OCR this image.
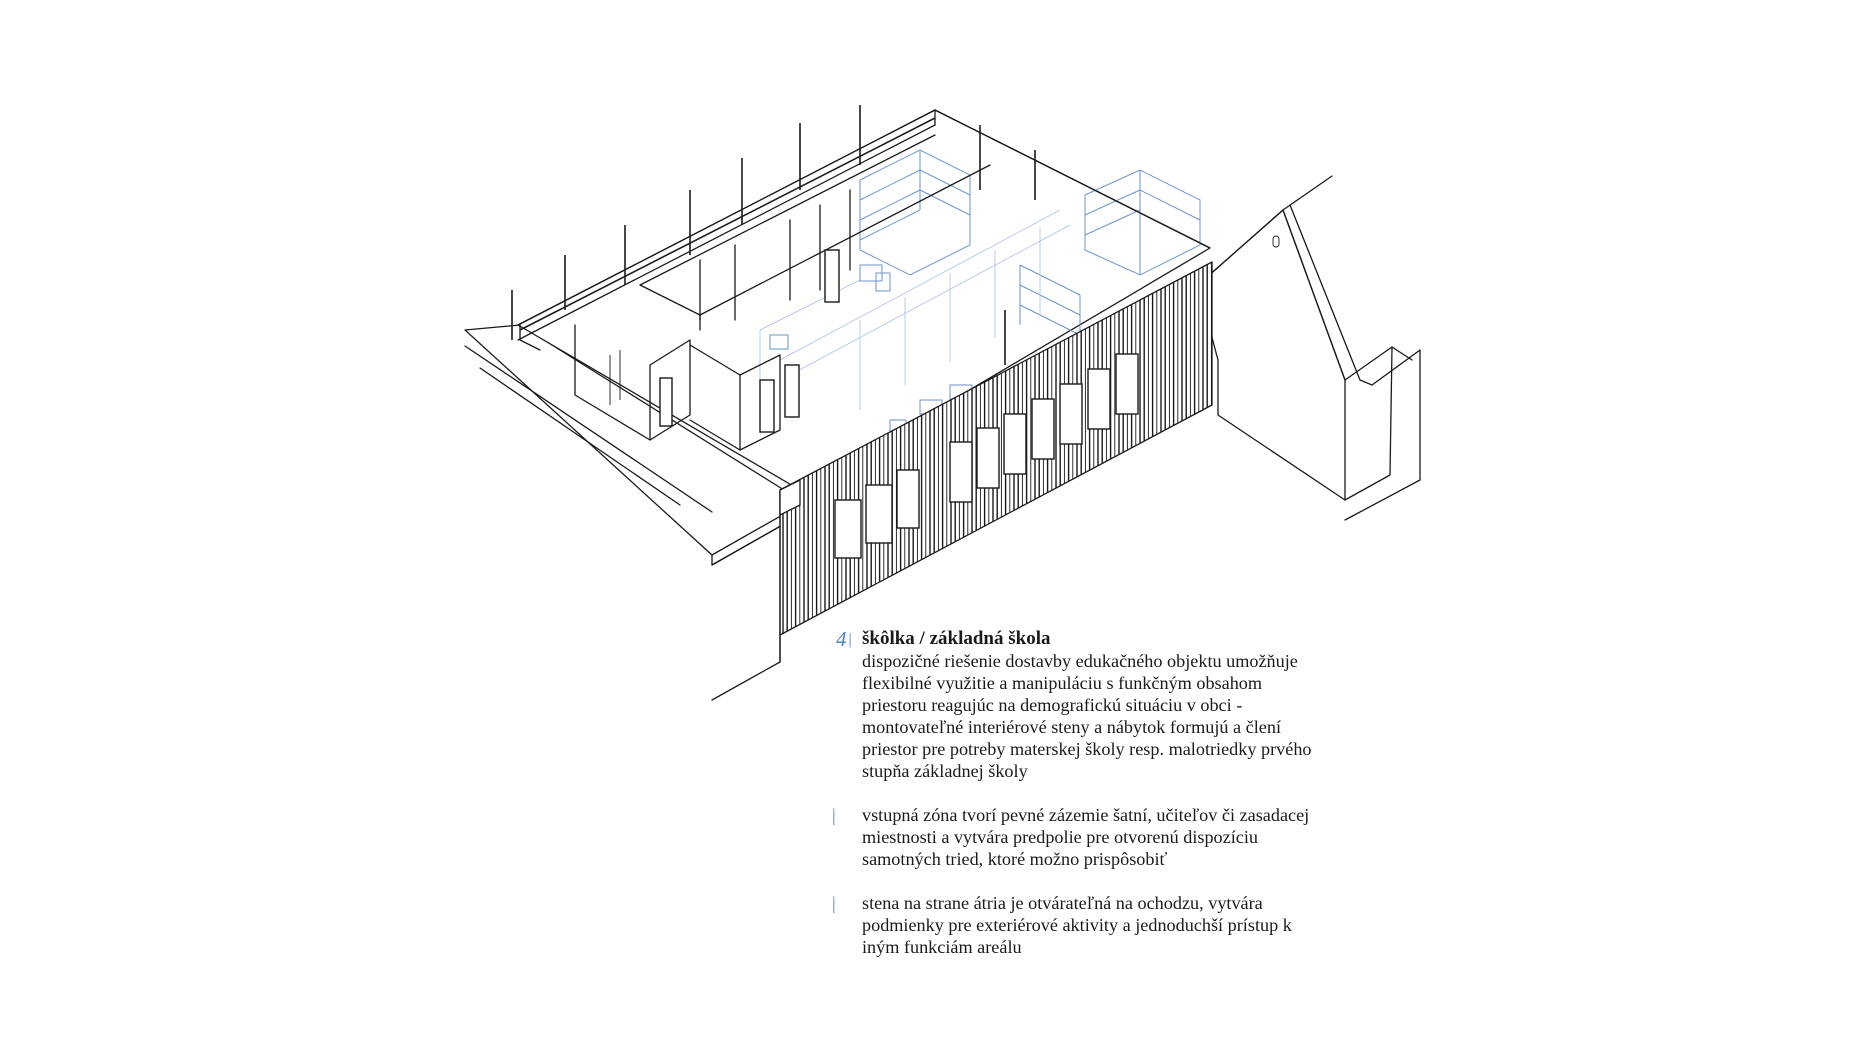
4 | škôlka / základná škola
dispozičné riešenie dostavby edukačného objektu umožňuje
flexibilné využitie a manipuláciu s funkčným obsahom
priestoru reagujúc na demografickú situáciu v obci -
montovateľné interiérové steny a nábytok formujú a člení
priestor pre potreby materskej školy resp. malotriedky prvého
stupňa základnej školy
| vstupná zóna tvorí pevné zázemie šatní, učiteľov či zasadacej
miestnosti a vytvára predpolie pre otvorenú dispozíciu
samotných tried, ktoré možno prispôsobiť
| stena na strane átria je otvárateľná na ochodzu, vytvára
podmienky pre exteriérové aktivity a jednoduchší prístup k
iným funkciám areálu
